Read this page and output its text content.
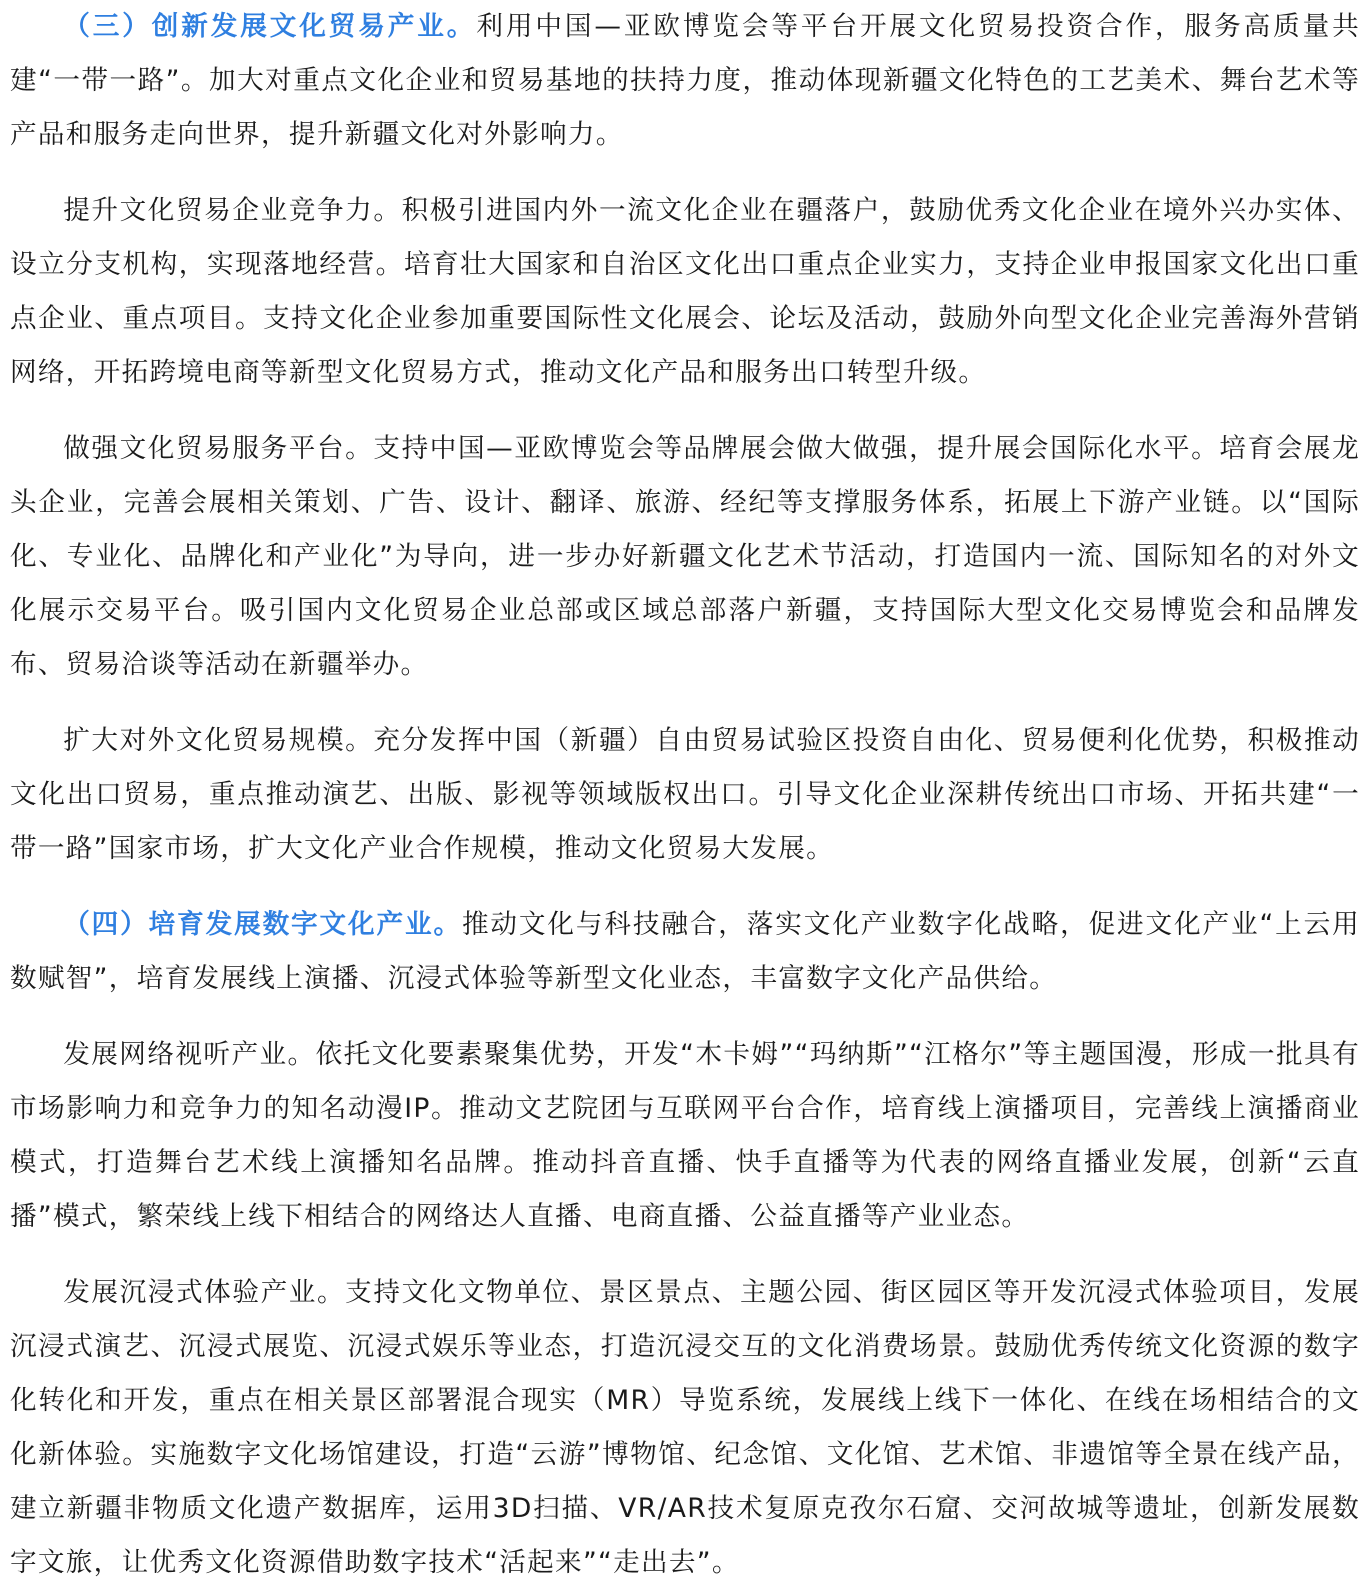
（三）创新发展文化贸易产业。利用中国—亚欧博览会等平台开展文化贸易投资合作，服务高质量共建“一带一路”。加大对重点文化企业和贸易基地的扶持力度，推动体现新疆文化特色的工艺美术、舞台艺术等产品和服务走向世界，提升新疆文化对外影响力。

提升文化贸易企业竞争力。积极引进国内外一流文化企业在疆落户，鼓励优秀文化企业在境外兴办实体、设立分支机构，实现落地经营。培育壮大国家和自治区文化出口重点企业实力，支持企业申报国家文化出口重点企业、重点项目。支持文化企业参加重要国际性文化展会、论坛及活动，鼓励外向型文化企业完善海外营销网络，开拓跨境电商等新型文化贸易方式，推动文化产品和服务出口转型升级。

做强文化贸易服务平台。支持中国—亚欧博览会等品牌展会做大做强，提升展会国际化水平。培育会展龙头企业，完善会展相关策划、广告、设计、翻译、旅游、经纪等支撑服务体系，拓展上下游产业链。以“国际化、专业化、品牌化和产业化”为导向，进一步办好新疆文化艺术节活动，打造国内一流、国际知名的对外文化展示交易平台。吸引国内文化贸易企业总部或区域总部落户新疆，支持国际大型文化交易博览会和品牌发布、贸易洽谈等活动在新疆举办。

扩大对外文化贸易规模。充分发挥中国（新疆）自由贸易试验区投资自由化、贸易便利化优势，积极推动文化出口贸易，重点推动演艺、出版、影视等领域版权出口。引导文化企业深耕传统出口市场、开拓共建“一带一路”国家市场，扩大文化产业合作规模，推动文化贸易大发展。

（四）培育发展数字文化产业。推动文化与科技融合，落实文化产业数字化战略，促进文化产业“上云用数赋智”，培育发展线上演播、沉浸式体验等新型文化业态，丰富数字文化产品供给。

发展网络视听产业。依托文化要素聚集优势，开发“木卡姆”“玛纳斯”“江格尔”等主题国漫，形成一批具有市场影响力和竞争力的知名动漫IP。推动文艺院团与互联网平台合作，培育线上演播项目，完善线上演播商业模式，打造舞台艺术线上演播知名品牌。推动抖音直播、快手直播等为代表的网络直播业发展，创新“云直播”模式，繁荣线上线下相结合的网络达人直播、电商直播、公益直播等产业业态。

发展沉浸式体验产业。支持文化文物单位、景区景点、主题公园、街区园区等开发沉浸式体验项目，发展沉浸式演艺、沉浸式展览、沉浸式娱乐等业态，打造沉浸交互的文化消费场景。鼓励优秀传统文化资源的数字化转化和开发，重点在相关景区部署混合现实（MR）导览系统，发展线上线下一体化、在线在场相结合的文化新体验。实施数字文化场馆建设，打造“云游”博物馆、纪念馆、文化馆、艺术馆、非遗馆等全景在线产品，建立新疆非物质文化遗产数据库，运用3D扫描、VR/AR技术复原克孜尔石窟、交河故城等遗址，创新发展数字文旅，让优秀文化资源借助数字技术“活起来”“走出去”。
